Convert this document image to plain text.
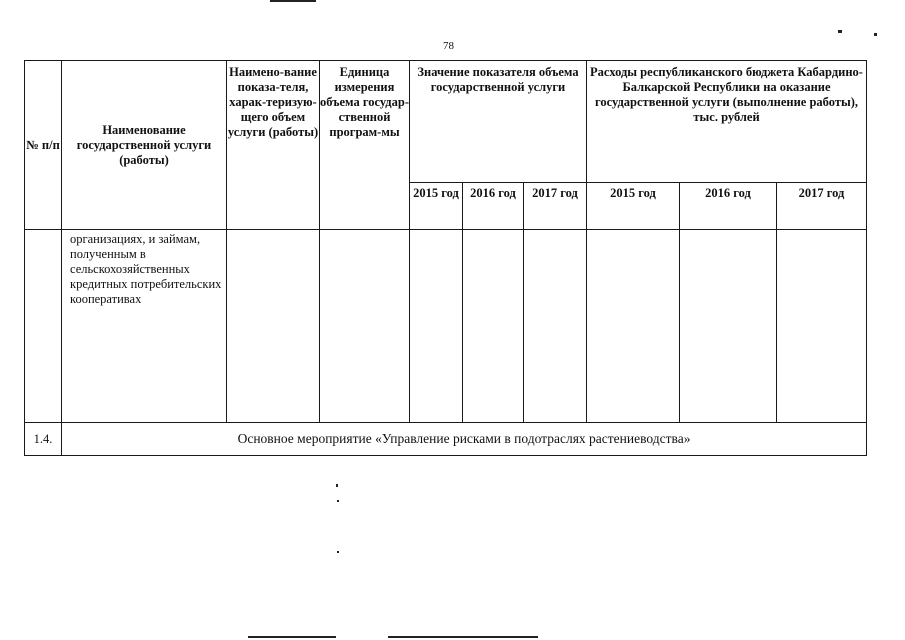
78
№ п/п	Наименование государственной услуги (работы)	Наимено-вание показа-теля, харак-теризую-щего объем услуги (работы)	Единица измерения объема государ-ственной програм-мы	Значение показателя объема государственной услуги			Расходы республиканского бюджета Кабардино-Балкарской Республики на оказание государственной услуги (выполнение работы), тыс. рублей		
				2015 год	2016 год	2017 год	2015 год	2016 год	2017 год
	организациях, и займам, полученным в сельскохозяйственных кредитных потребительских кооперативах								
1.4.	Основное мероприятие «Управление рисками в подотраслях растениеводства»								
